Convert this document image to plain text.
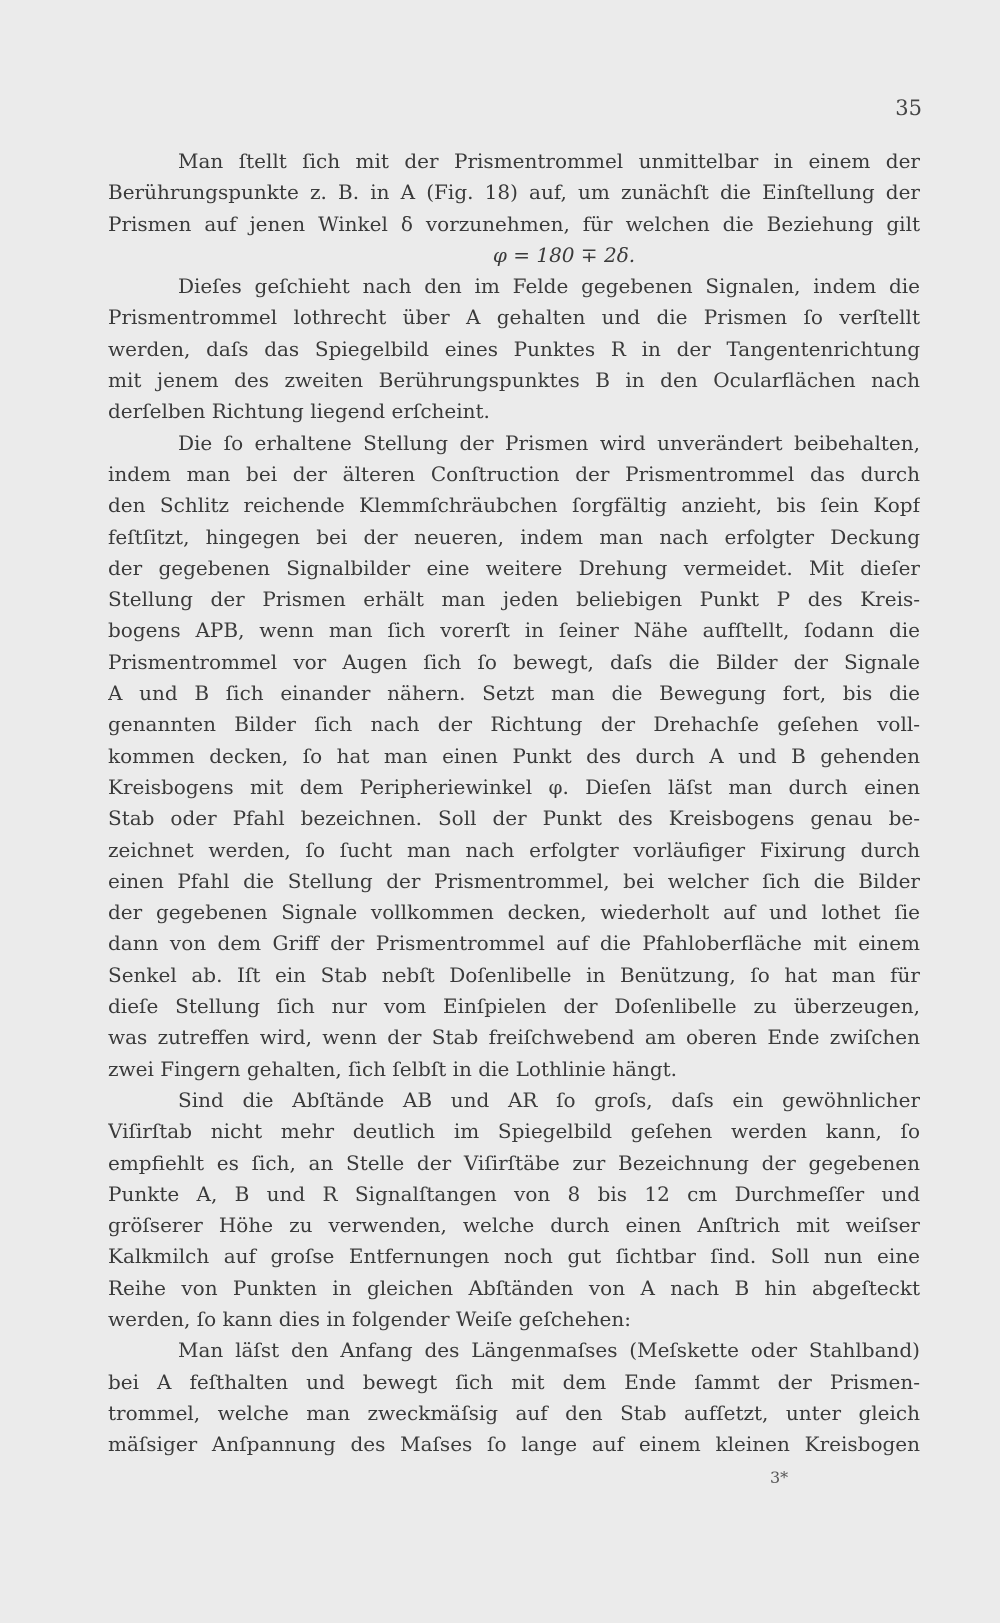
35
Man ſtellt ſich mit der Prismentrommel unmittelbar in einem der
Berührungspunkte z. B. in A (Fig. 18) auf, um zunächſt die Einſtellung der
Prismen auf jenen Winkel δ vorzunehmen, für welchen die Beziehung gilt
φ = 180 ∓ 2δ.
Dieſes geſchieht nach den im Felde gegebenen Signalen, indem die
Prismentrommel lothrecht über A gehalten und die Prismen ſo verſtellt
werden, daſs das Spiegelbild eines Punktes R in der Tangentenrichtung
mit jenem des zweiten Berührungspunktes B in den Ocularflächen nach
derſelben Richtung liegend erſcheint.
Die ſo erhaltene Stellung der Prismen wird unverändert beibehalten,
indem man bei der älteren Conſtruction der Prismentrommel das durch
den Schlitz reichende Klemmſchräubchen ſorgfältig anzieht, bis ſein Kopf
feſtſitzt, hingegen bei der neueren, indem man nach erfolgter Deckung
der gegebenen Signalbilder eine weitere Drehung vermeidet. Mit dieſer
Stellung der Prismen erhält man jeden beliebigen Punkt P des Kreis-
bogens APB, wenn man ſich vorerſt in ſeiner Nähe aufſtellt, ſodann die
Prismentrommel vor Augen ſich ſo bewegt, daſs die Bilder der Signale
A und B ſich einander nähern. Setzt man die Bewegung fort, bis die
genannten Bilder ſich nach der Richtung der Drehachſe geſehen voll-
kommen decken, ſo hat man einen Punkt des durch A und B gehenden
Kreisbogens mit dem Peripheriewinkel φ. Dieſen läſst man durch einen
Stab oder Pfahl bezeichnen. Soll der Punkt des Kreisbogens genau be-
zeichnet werden, ſo ſucht man nach erfolgter vorläufiger Fixirung durch
einen Pfahl die Stellung der Prismentrommel, bei welcher ſich die Bilder
der gegebenen Signale vollkommen decken, wiederholt auf und lothet ſie
dann von dem Griff der Prismentrommel auf die Pfahloberfläche mit einem
Senkel ab. Iſt ein Stab nebſt Doſenlibelle in Benützung, ſo hat man für
dieſe Stellung ſich nur vom Einſpielen der Doſenlibelle zu überzeugen,
was zutreffen wird, wenn der Stab freiſchwebend am oberen Ende zwiſchen
zwei Fingern gehalten, ſich ſelbſt in die Lothlinie hängt.
Sind die Abſtände AB und AR ſo groſs, daſs ein gewöhnlicher
Viſirſtab nicht mehr deutlich im Spiegelbild geſehen werden kann, ſo
empfiehlt es ſich, an Stelle der Viſirſtäbe zur Bezeichnung der gegebenen
Punkte A, B und R Signalſtangen von 8 bis 12 cm Durchmeſſer und
gröſserer Höhe zu verwenden, welche durch einen Anſtrich mit weiſser
Kalkmilch auf groſse Entfernungen noch gut ſichtbar ſind. Soll nun eine
Reihe von Punkten in gleichen Abſtänden von A nach B hin abgeſteckt
werden, ſo kann dies in folgender Weiſe geſchehen:
Man läſst den Anfang des Längenmaſses (Meſskette oder Stahlband)
bei A feſthalten und bewegt ſich mit dem Ende ſammt der Prismen-
trommel, welche man zweckmäſsig auf den Stab aufſetzt, unter gleich
mäſsiger Anſpannung des Maſses ſo lange auf einem kleinen Kreisbogen
3*
